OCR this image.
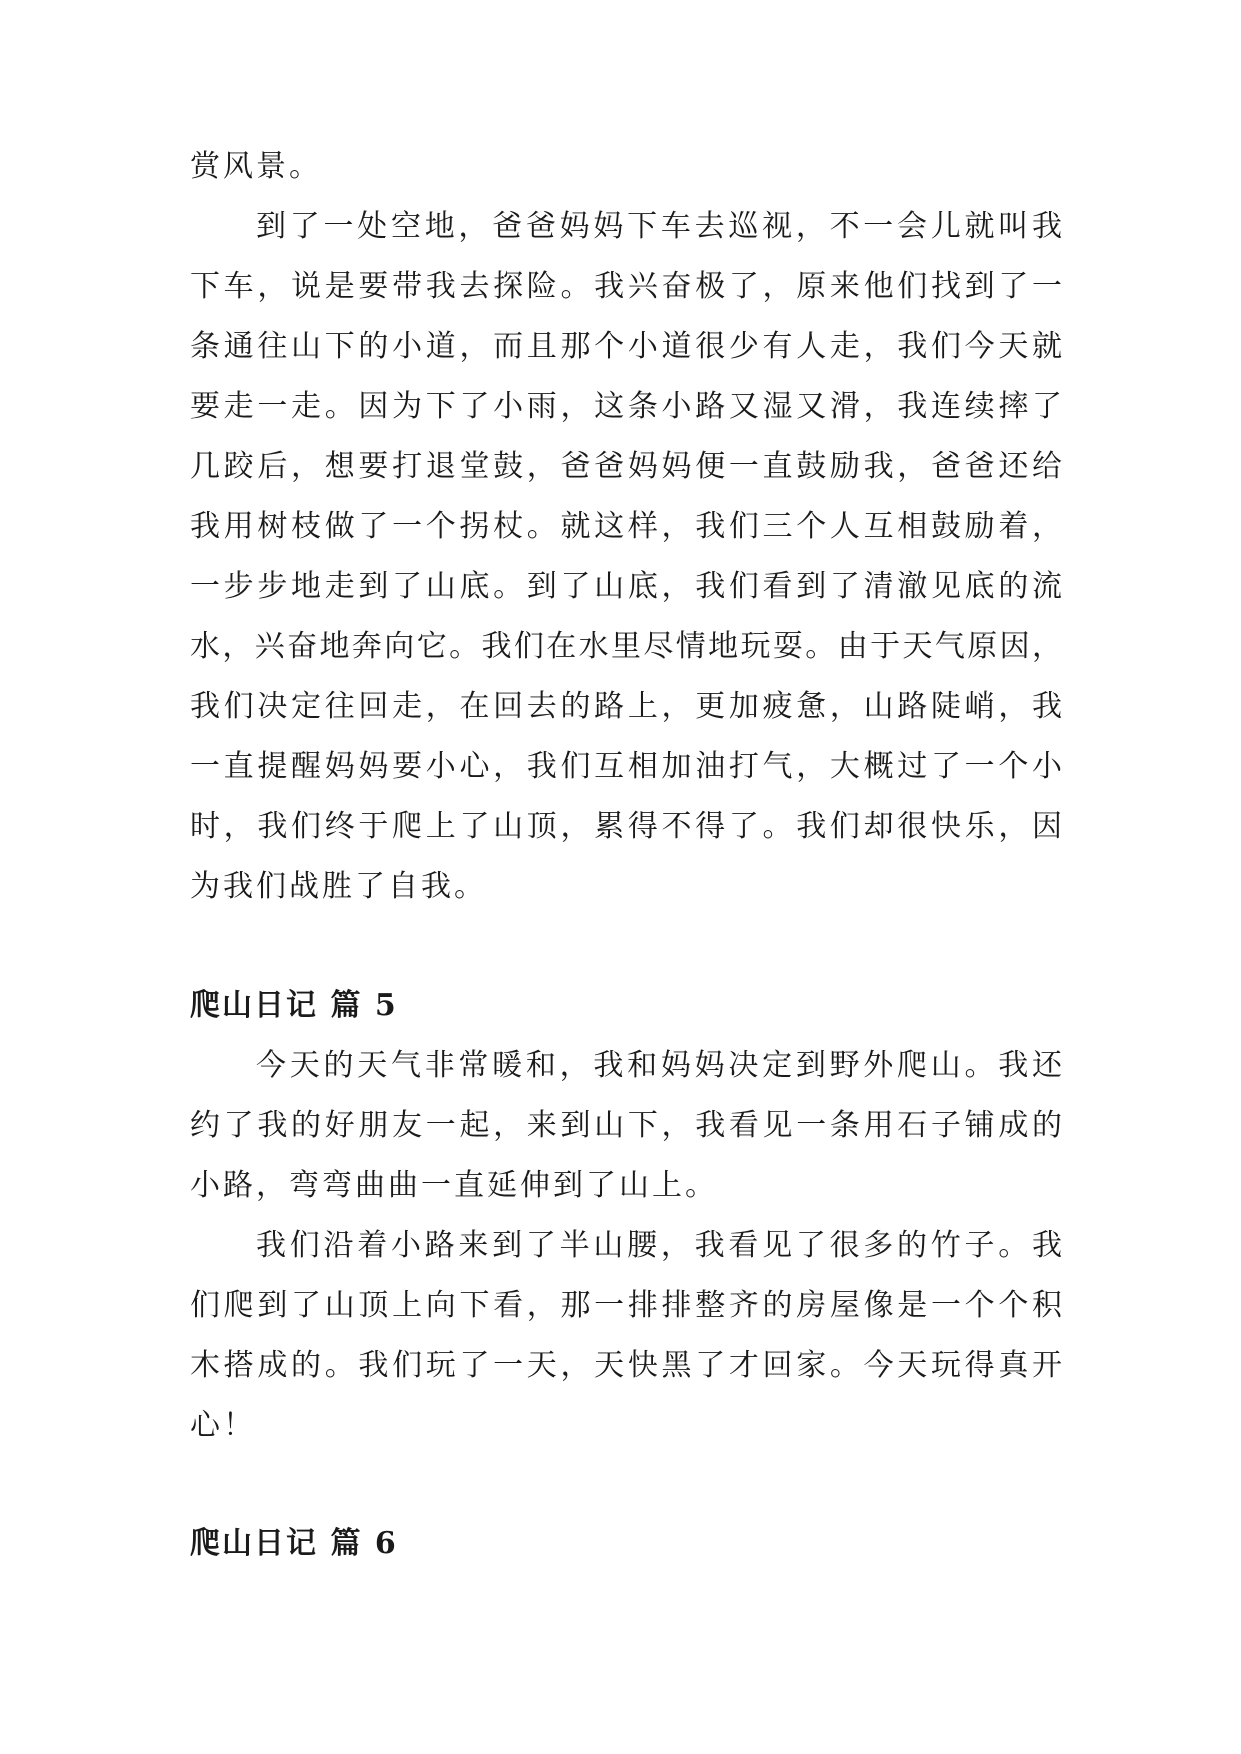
赏风景。

到了一处空地，爸爸妈妈下车去巡视，不一会儿就叫我

下车，说是要带我去探险。我兴奋极了，原来他们找到了一

条通往山下的小道，而且那个小道很少有人走，我们今天就

要走一走。因为下了小雨，这条小路又湿又滑，我连续摔了

几跤后，想要打退堂鼓，爸爸妈妈便一直鼓励我，爸爸还给

我用树枝做了一个拐杖。就这样，我们三个人互相鼓励着，

一步步地走到了山底。到了山底，我们看到了清澈见底的流

水，兴奋地奔向它。我们在水里尽情地玩耍。由于天气原因，

我们决定往回走，在回去的路上，更加疲惫，山路陡峭，我

一直提醒妈妈要小心，我们互相加油打气，大概过了一个小

时，我们终于爬上了山顶，累得不得了。我们却很快乐，因

为我们战胜了自我。

爬山日记 篇 5

今天的天气非常暖和，我和妈妈决定到野外爬山。我还

约了我的好朋友一起，来到山下，我看见一条用石子铺成的

小路，弯弯曲曲一直延伸到了山上。

我们沿着小路来到了半山腰，我看见了很多的竹子。我

们爬到了山顶上向下看，那一排排整齐的房屋像是一个个积

木搭成的。我们玩了一天，天快黑了才回家。今天玩得真开

心！

爬山日记 篇 6
